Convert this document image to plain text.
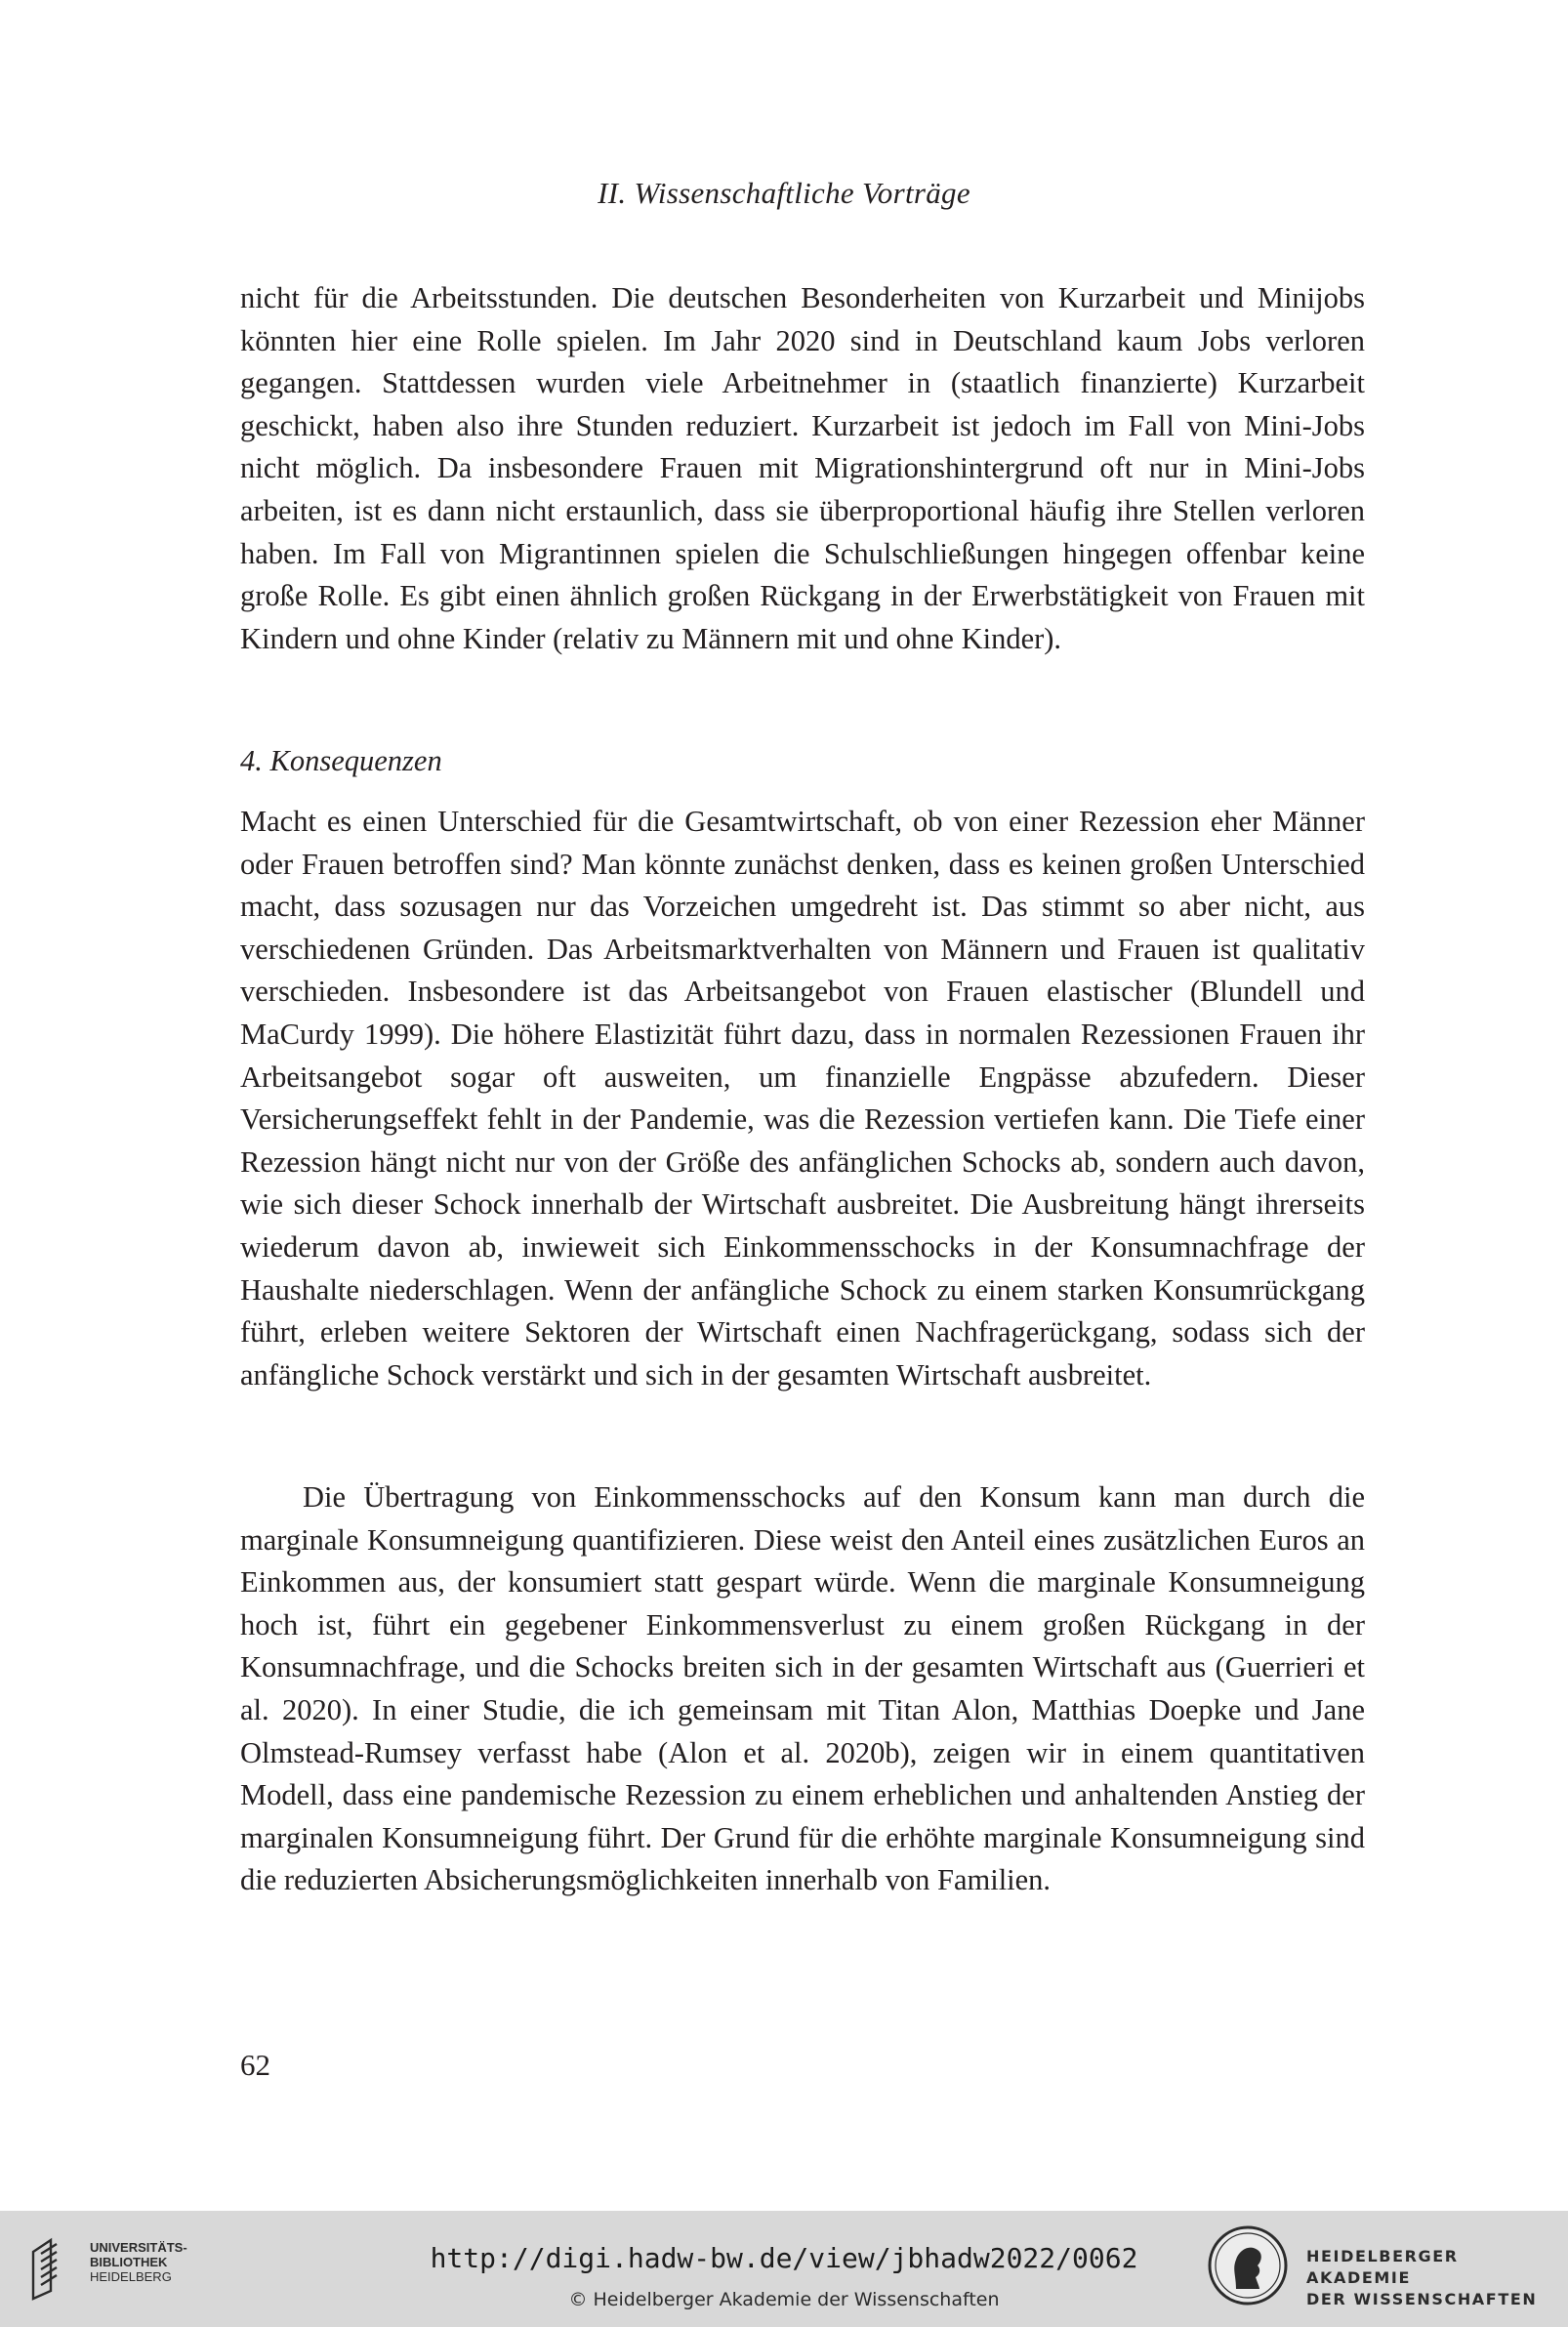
II. Wissenschaftliche Vorträge
nicht für die Arbeitsstunden. Die deutschen Besonderheiten von Kurzarbeit und Minijobs könnten hier eine Rolle spielen. Im Jahr 2020 sind in Deutschland kaum Jobs verloren gegangen. Stattdessen wurden viele Arbeitnehmer in (staatlich finanzierte) Kurzarbeit geschickt, haben also ihre Stunden reduziert. Kurzarbeit ist jedoch im Fall von Mini-Jobs nicht möglich. Da insbesondere Frauen mit Migrationshintergrund oft nur in Mini-Jobs arbeiten, ist es dann nicht erstaunlich, dass sie überproportional häufig ihre Stellen verloren haben. Im Fall von Migrantinnen spielen die Schulschließungen hingegen offenbar keine große Rolle. Es gibt einen ähnlich großen Rückgang in der Erwerbstätigkeit von Frauen mit Kindern und ohne Kinder (relativ zu Männern mit und ohne Kinder).
4. Konsequenzen
Macht es einen Unterschied für die Gesamtwirtschaft, ob von einer Rezession eher Männer oder Frauen betroffen sind? Man könnte zunächst denken, dass es keinen großen Unterschied macht, dass sozusagen nur das Vorzeichen umgedreht ist. Das stimmt so aber nicht, aus verschiedenen Gründen. Das Arbeitsmarktverhalten von Männern und Frauen ist qualitativ verschieden. Insbesondere ist das Arbeitsangebot von Frauen elastischer (Blundell und MaCurdy 1999). Die höhere Elastizität führt dazu, dass in normalen Rezessionen Frauen ihr Arbeitsangebot sogar oft ausweiten, um finanzielle Engpässe abzufedern. Dieser Versicherungseffekt fehlt in der Pandemie, was die Rezession vertiefen kann. Die Tiefe einer Rezession hängt nicht nur von der Größe des anfänglichen Schocks ab, sondern auch davon, wie sich dieser Schock innerhalb der Wirtschaft ausbreitet. Die Ausbreitung hängt ihrerseits wiederum davon ab, inwieweit sich Einkommensschocks in der Konsumnachfrage der Haushalte niederschlagen. Wenn der anfängliche Schock zu einem starken Konsumrückgang führt, erleben weitere Sektoren der Wirtschaft einen Nachfragerückgang, sodass sich der anfängliche Schock verstärkt und sich in der gesamten Wirtschaft ausbreitet.
Die Übertragung von Einkommensschocks auf den Konsum kann man durch die marginale Konsumneigung quantifizieren. Diese weist den Anteil eines zusätzlichen Euros an Einkommen aus, der konsumiert statt gespart würde. Wenn die marginale Konsumneigung hoch ist, führt ein gegebener Einkommensverlust zu einem großen Rückgang in der Konsumnachfrage, und die Schocks breiten sich in der gesamten Wirtschaft aus (Guerrieri et al. 2020). In einer Studie, die ich gemeinsam mit Titan Alon, Matthias Doepke und Jane Olmstead-Rumsey verfasst habe (Alon et al. 2020b), zeigen wir in einem quantitativen Modell, dass eine pandemische Rezession zu einem erheblichen und anhaltenden Anstieg der marginalen Konsumneigung führt. Der Grund für die erhöhte marginale Konsumneigung sind die reduzierten Absicherungsmöglichkeiten innerhalb von Familien.
62
UNIVERSITÄTS-
BIBLIOTHEK
HEIDELBERG
http://digi.hadw-bw.de/view/jbhadw2022/0062
© Heidelberger Akademie der Wissenschaften
HEIDELBERGER AKADEMIE
DER WISSENSCHAFTEN
